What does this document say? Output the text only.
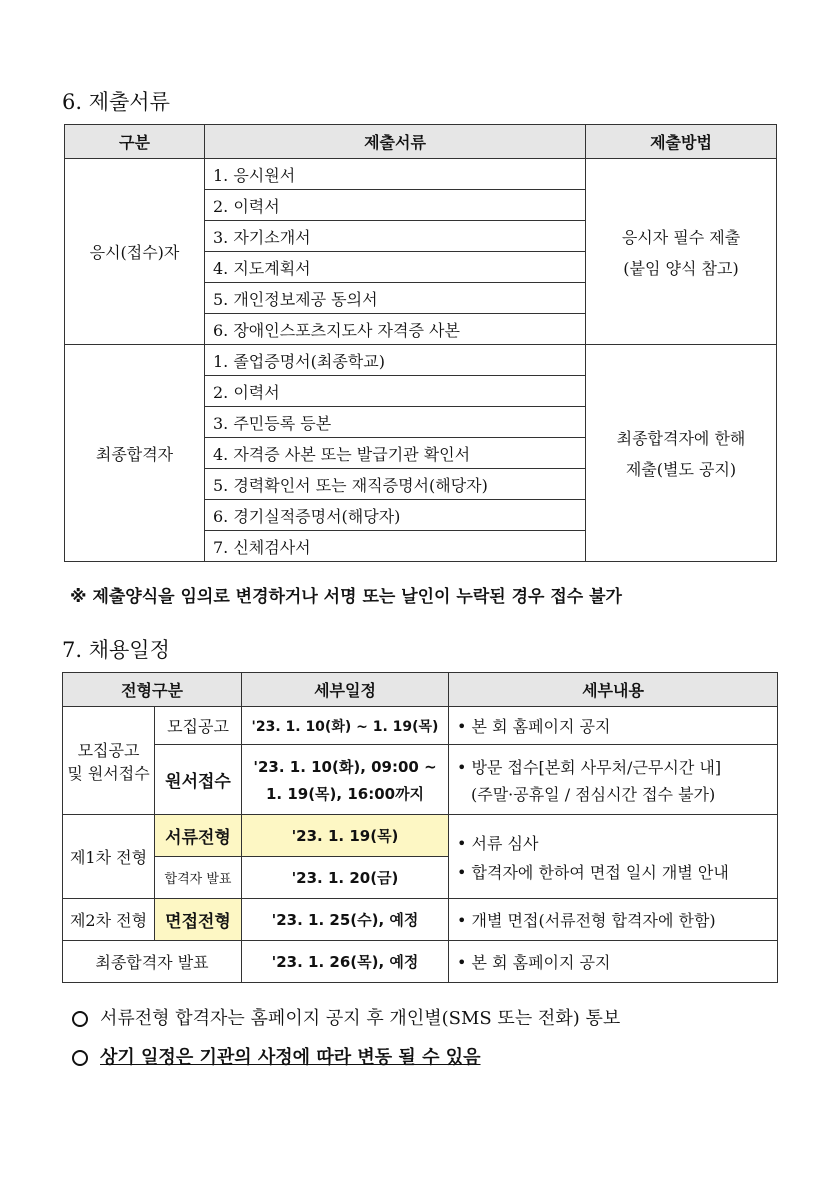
6. 제출서류
구분	제출서류	제출방법
응시(접수)자	1. 응시원서	응시자 필수 제출
(붙임 양식 참고)

	2. 이력서	
	3. 자기소개서	
	4. 지도계획서	
	5. 개인정보제공 동의서	
	6. 장애인스포츠지도사 자격증 사본	
최종합격자	1. 졸업증명서(최종학교)	최종합격자에 한해
제출(별도 공지)

	2. 이력서	
	3. 주민등록 등본	
	4. 자격증 사본 또는 발급기관 확인서	
	5. 경력확인서 또는 재직증명서(해당자)	
	6. 경기실적증명서(해당자)	
	7. 신체검사서	
※ 제출양식을 임의로 변경하거나 서명 또는 날인이 누락된 경우 접수 불가
7. 채용일정
전형구분		세부일정	세부내용

모집공고
및 원서접수	모집공고	'23. 1. 10(화) ~ 1. 19(목)	• 본 회 홈페이지 공지
	원서접수	'23. 1. 10(화), 09:00 ~
1. 19(목), 16:00까지	• 방문 접수[본회 사무처/근무시간 내]
(주말·공휴일 / 점심시간 접수 불가)

제1차 전형	서류전형	'23. 1. 19(목)	• 서류 심사
• 합격자에 한하여 면접 일시 개별 안내

	합격자 발표	'23. 1. 20(금)	
제2차 전형	면접전형	'23. 1. 25(수), 예정	• 개별 면접(서류전형 합격자에 한함)
최종합격자 발표		'23. 1. 26(목), 예정	• 본 회 홈페이지 공지
서류전형 합격자는 홈페이지 공지 후 개인별(SMS 또는 전화) 통보
상기 일정은 기관의 사정에 따라 변동 될 수 있음
